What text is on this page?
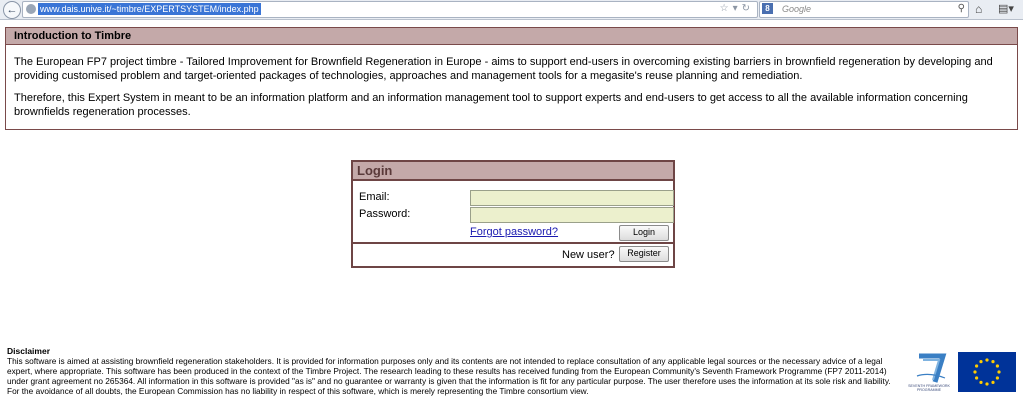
←	www.dais.unive.it/~timbre/EXPERTSYSTEM/index.php	☆▾↻	8	Google	⚲ ⌂ ▤▾
Introduction to Timbre

The European FP7 project timbre - Tailored Improvement for Brownfield Regeneration in Europe - aims to support end-users in overcoming existing barriers in brownfield regeneration by developing and providing customised problem and target-oriented packages of technologies, approaches and management tools for a megasite's reuse planning and remediation.

Therefore, this Expert System in meant to be an information platform and an information management tool to support experts and end-users to get access to all the available information concerning brownfields regeneration processes.

Login
Email:
Password:
Forgot password?	Login
New user?	Register
Disclaimer
This software is aimed at assisting brownfield regeneration stakeholders. It is provided for information purposes only and its contents are not intended to replace consultation of any applicable legal sources or the necessary advice of a legal expert, where appropriate. This software has been produced in the context of the Timbre Project. The research leading to these results has received funding from the European Community's Seventh Framework Programme (FP7 2011-2014) under grant agreement no 265364. All information in this software is provided "as is" and no guarantee or warranty is given that the information is fit for any particular purpose. The user therefore uses the information at its sole risk and liability. For the avoidance of all doubts, the European Commission has no liability in respect of this software, which is merely representing the Timbre consortium view.	SEVENTH FRAMEWORK
PROGRAMME
